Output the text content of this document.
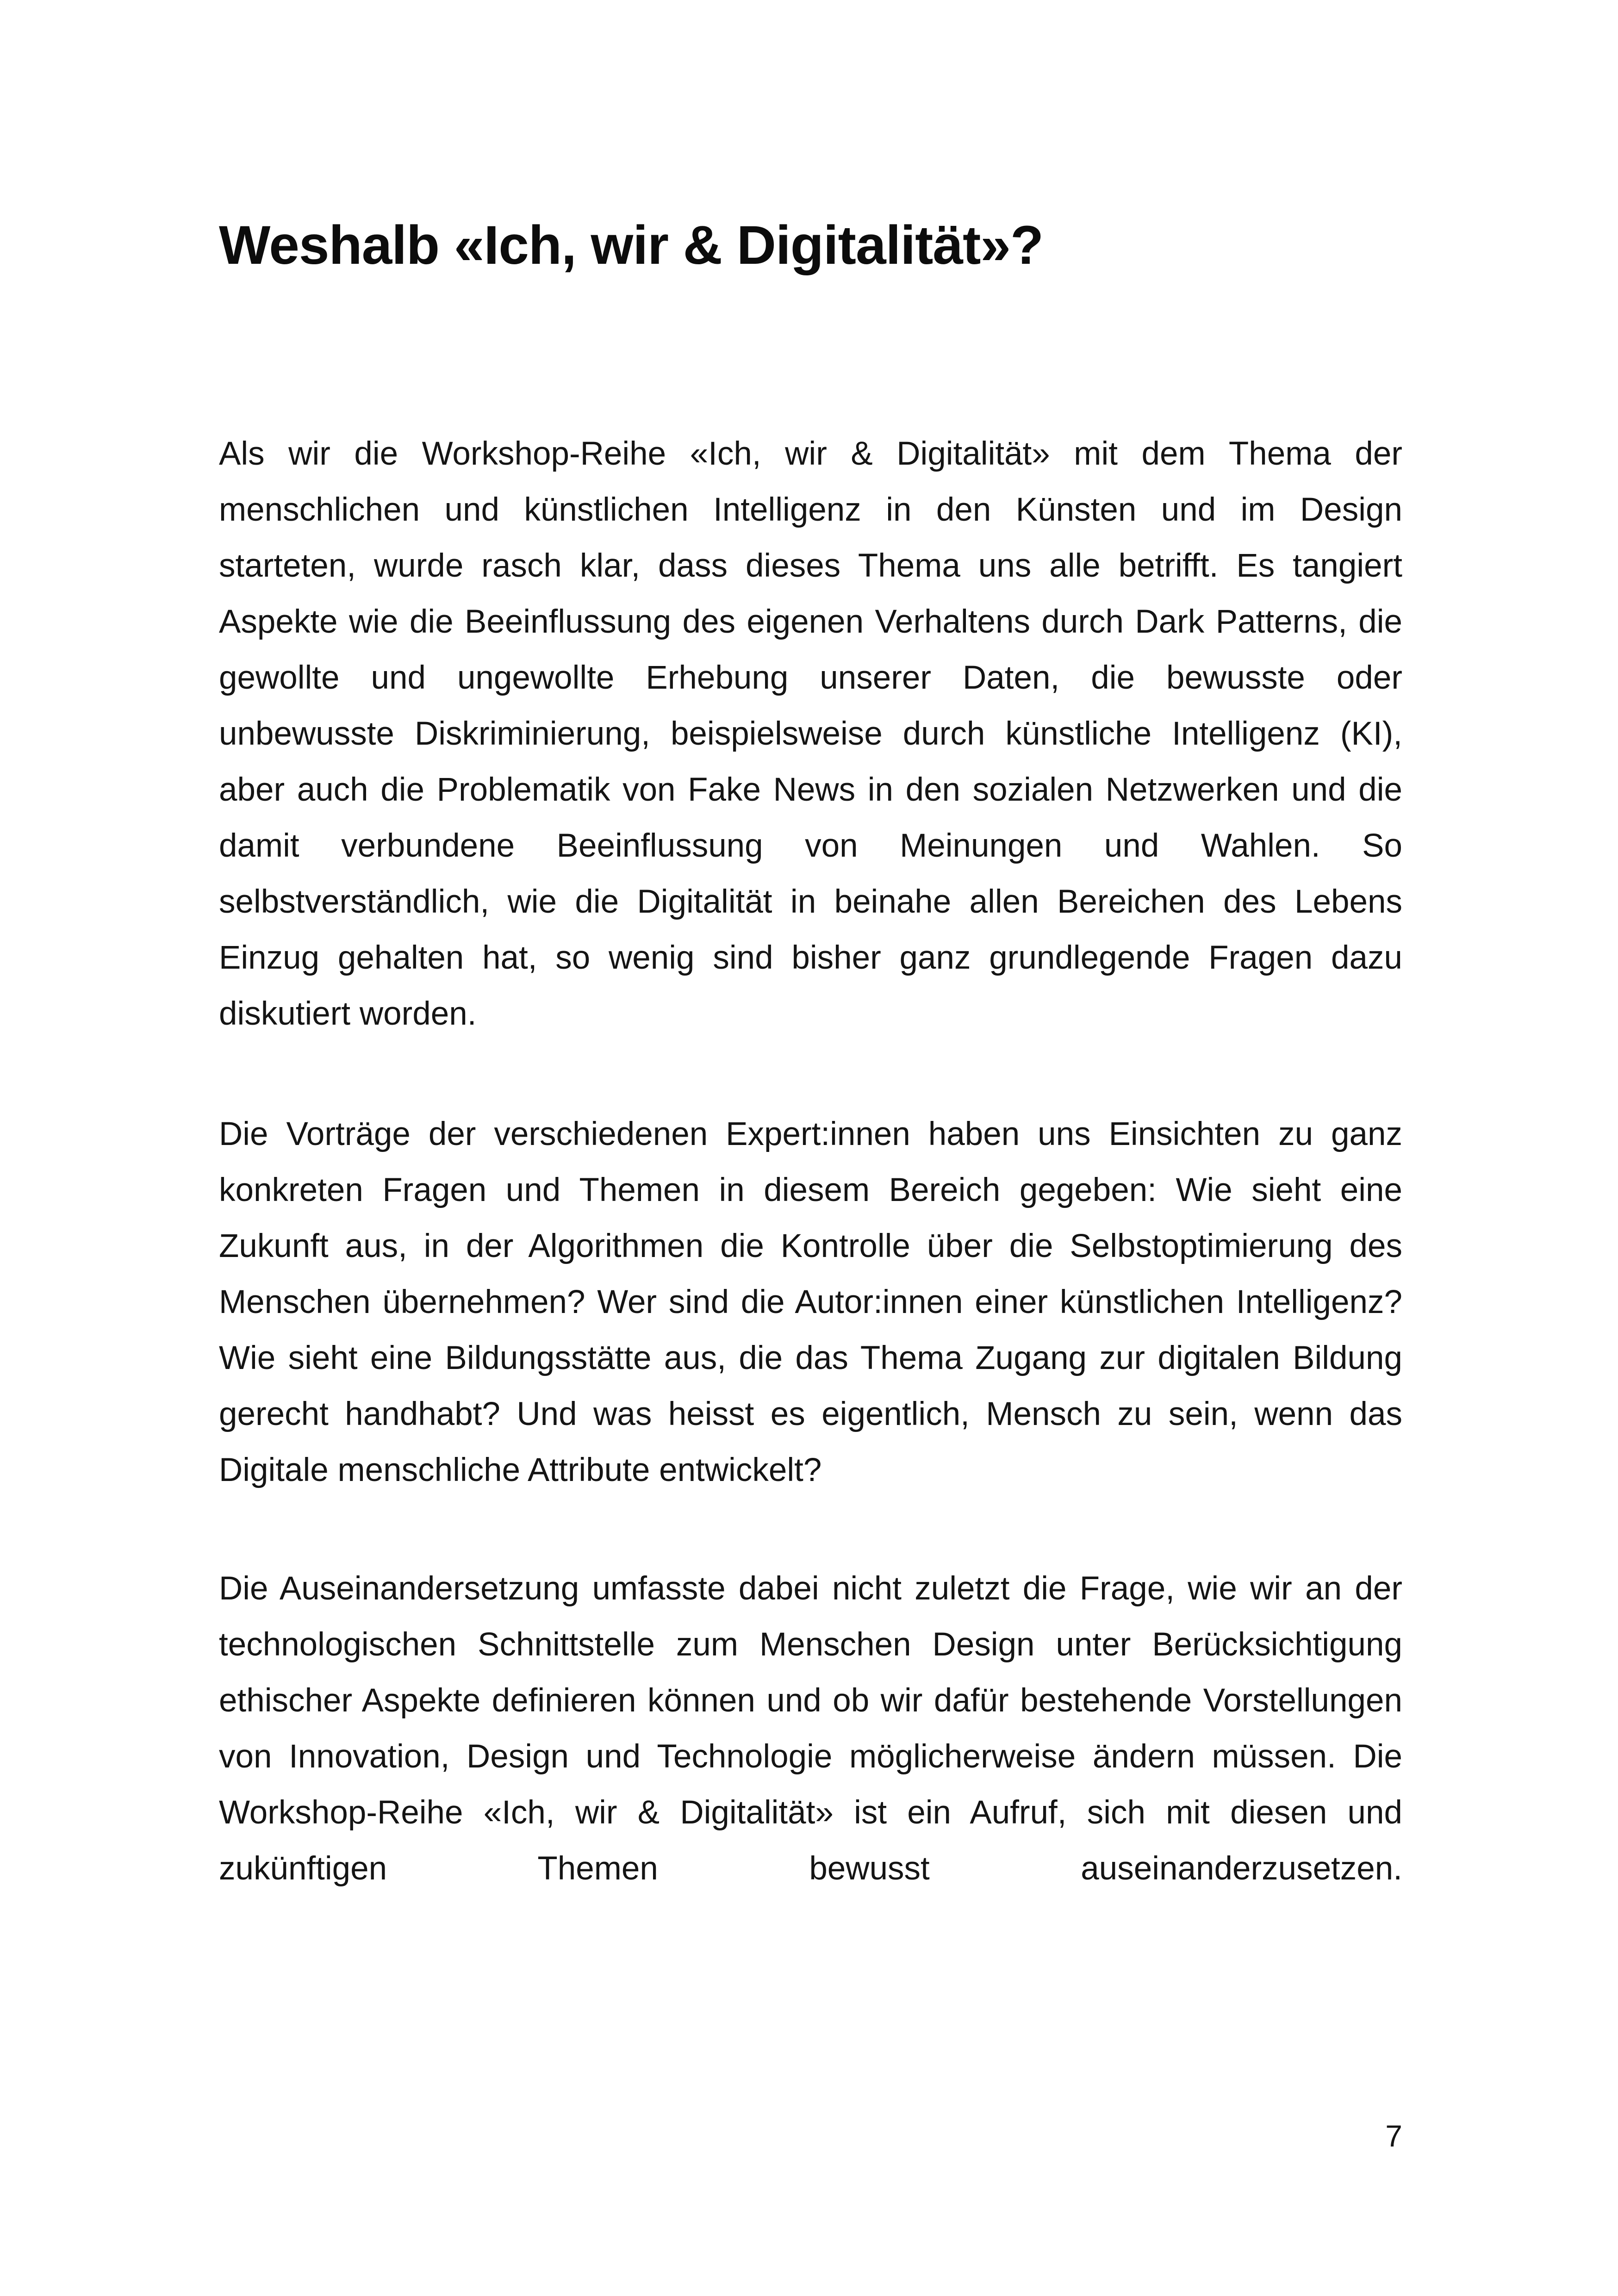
Weshalb «Ich, wir & Digitalität»?

Als wir die Workshop-Reihe «Ich, wir & Digitalität» mit dem Thema der menschlichen und künstlichen Intelligenz in den Künsten und im Design starteten, wurde rasch klar, dass dieses Thema uns alle betrifft. Es tangiert Aspekte wie die Beeinflussung des eigenen Verhaltens durch Dark Patterns, die gewollte und ungewollte Erhebung unserer Daten, die bewusste oder unbewusste Diskriminierung, beispielsweise durch künstliche Intelligenz (KI), aber auch die Problematik von Fake News in den sozialen Netzwerken und die damit verbundene Beeinflussung von Meinungen und Wahlen. So selbstverständlich, wie die Digitalität in beinahe allen Bereichen des Lebens Einzug gehalten hat, so wenig sind bisher ganz grundlegende Fragen dazu diskutiert worden.

Die Vorträge der verschiedenen Expert:innen haben uns Einsichten zu ganz konkreten Fragen und Themen in diesem Bereich gegeben: Wie sieht eine Zukunft aus, in der Algorithmen die Kontrolle über die Selbstoptimierung des Menschen übernehmen? Wer sind die Autor:innen einer künstlichen Intelligenz? Wie sieht eine Bildungsstätte aus, die das Thema Zugang zur digitalen Bildung gerecht handhabt? Und was heisst es eigentlich, Mensch zu sein, wenn das Digitale menschliche Attribute entwickelt?

Die Auseinandersetzung umfasste dabei nicht zuletzt die Frage, wie wir an der technologischen Schnittstelle zum Menschen Design unter Berücksichtigung ethischer Aspekte definieren können und ob wir dafür bestehende Vorstellungen von Innovation, Design und Technologie möglicherweise ändern müssen. Die Workshop-Reihe «Ich, wir & Digitalität» ist ein Aufruf, sich mit diesen und zukünftigen Themen bewusst auseinanderzusetzen.

7
